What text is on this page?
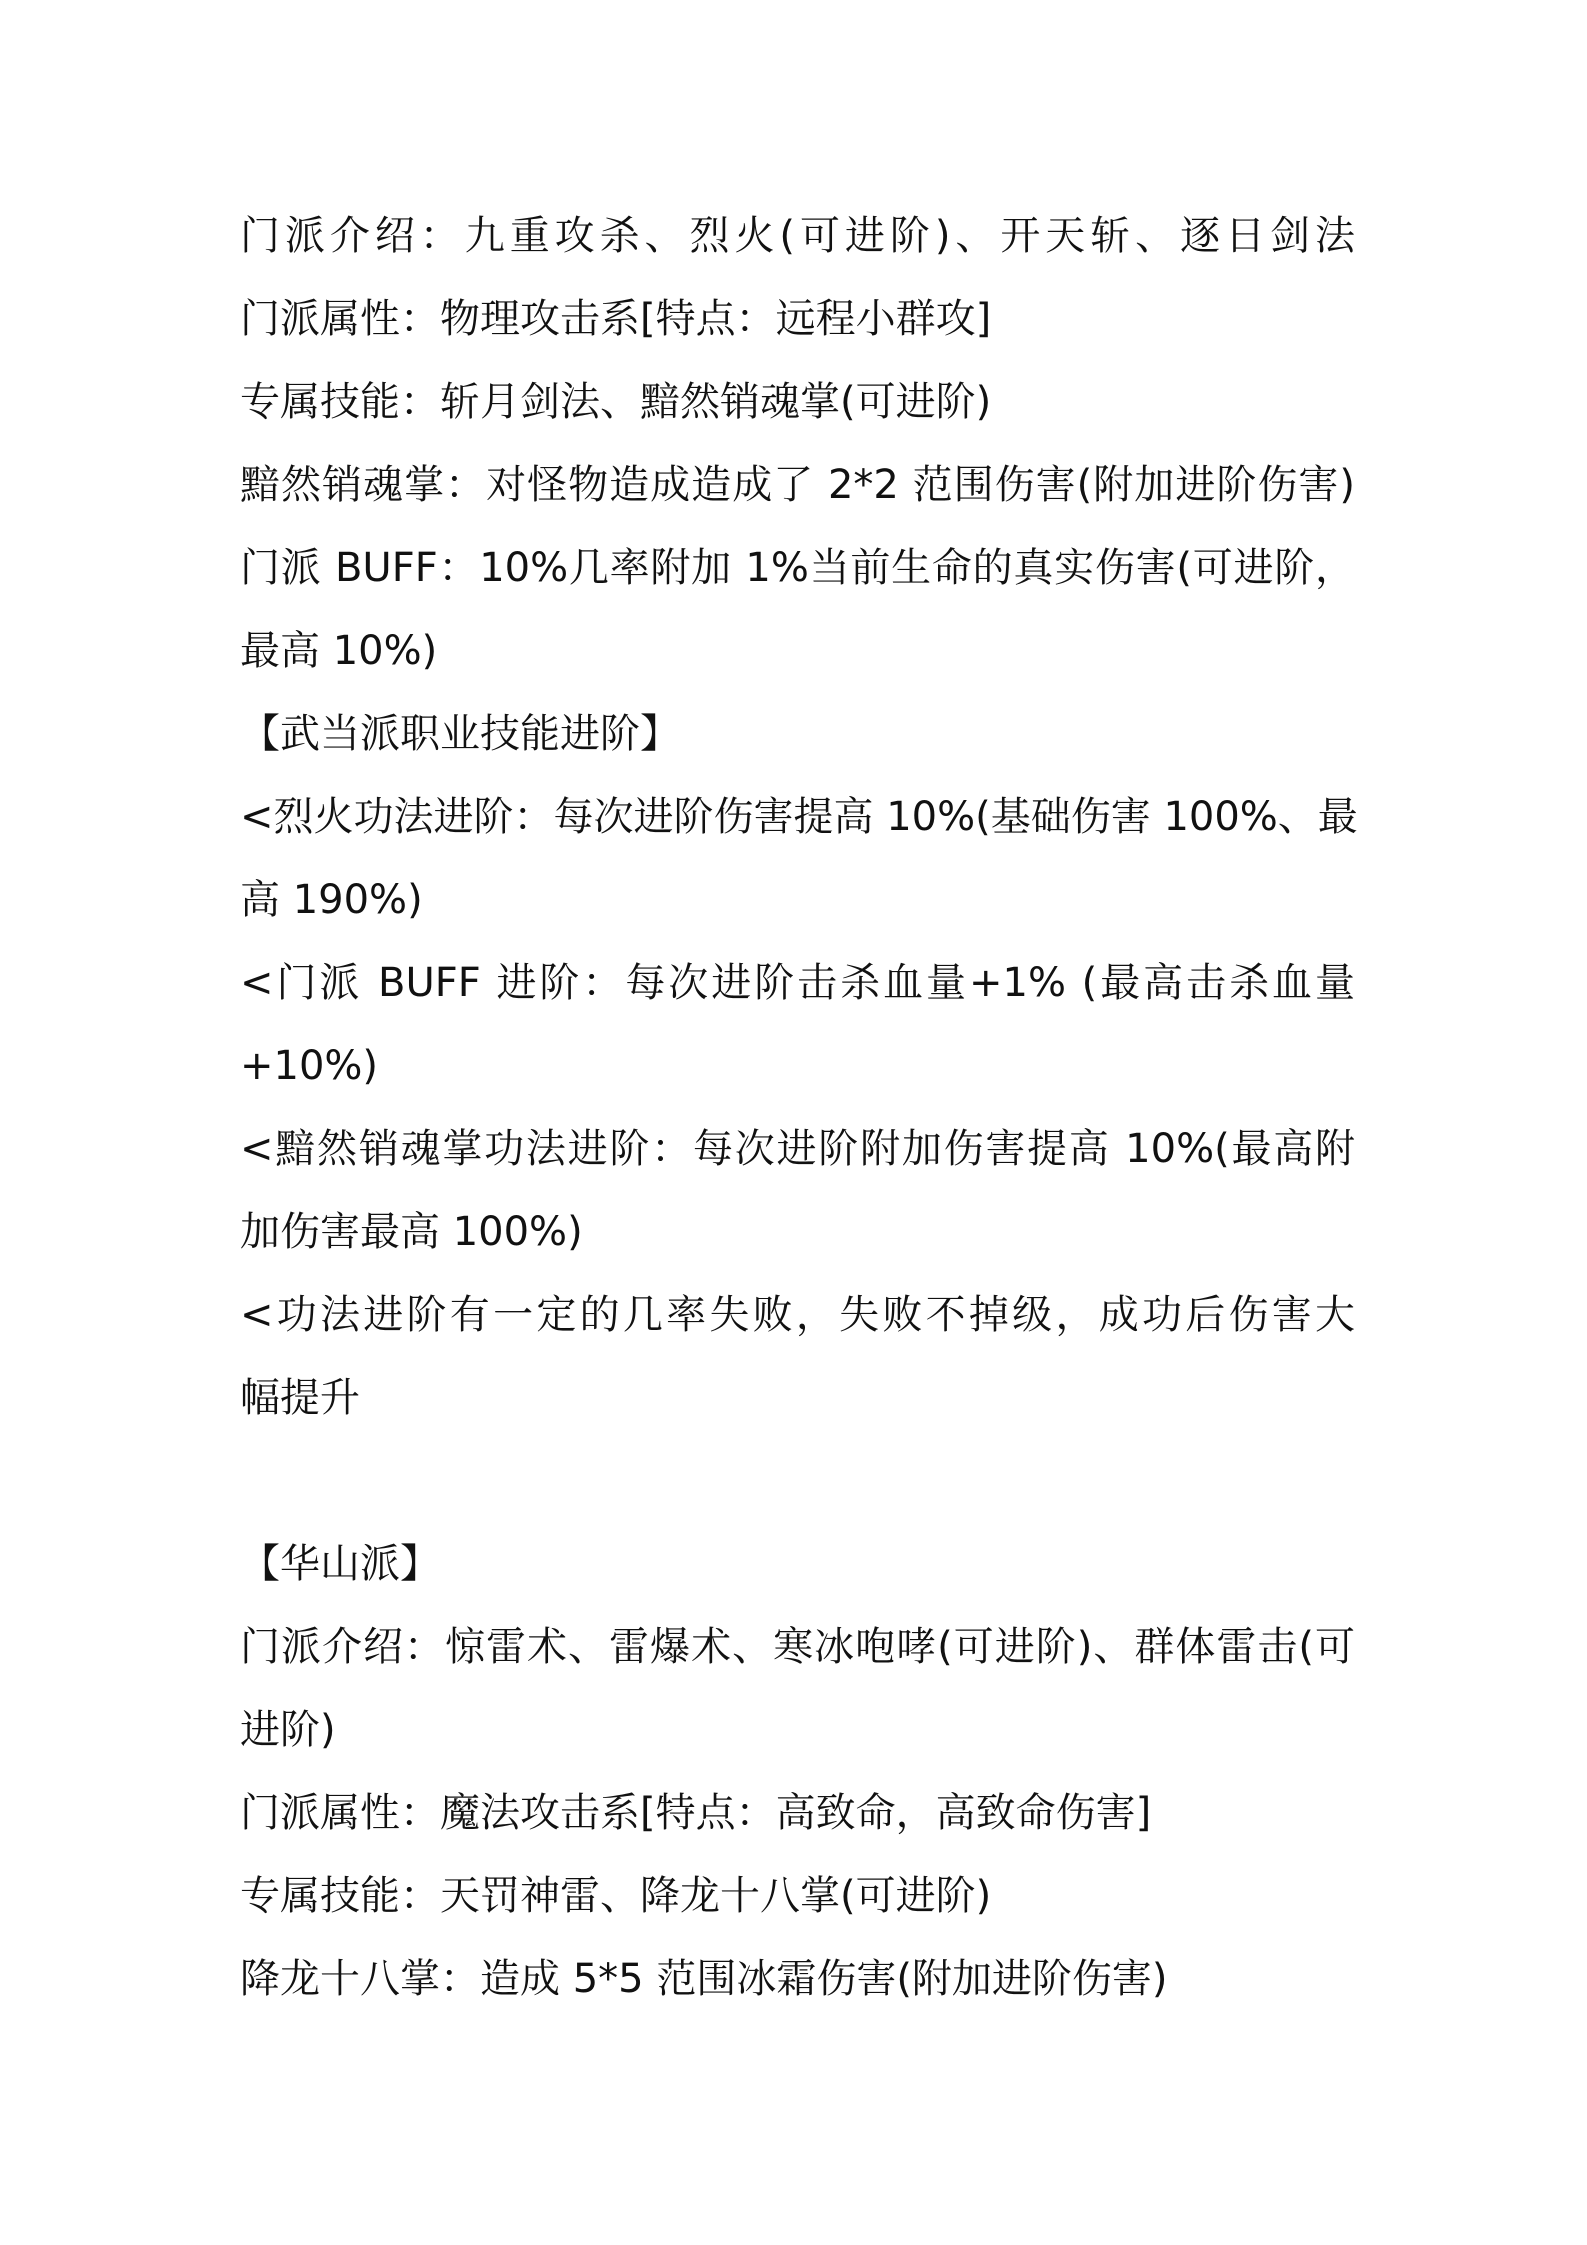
门派介绍：九重攻杀、烈火(可进阶)、开天斩、逐日剑法
门派属性：物理攻击系[特点：远程小群攻]
专属技能：斩月剑法、黯然销魂掌(可进阶)
黯然销魂掌：对怪物造成造成了 2*2 范围伤害(附加进阶伤害)
门派 BUFF：10%几率附加 1%当前生命的真实伤害(可进阶，
最高 10%)
【武当派职业技能进阶】
<烈火功法进阶：每次进阶伤害提高 10%(基础伤害 100%、最
高 190%)
<门派 BUFF 进阶：每次进阶击杀血量+1% (最高击杀血量
+10%)
<黯然销魂掌功法进阶：每次进阶附加伤害提高 10%(最高附
加伤害最高 100%)
<功法进阶有一定的几率失败，失败不掉级，成功后伤害大
幅提升
【华山派】
门派介绍：惊雷术、雷爆术、寒冰咆哮(可进阶)、群体雷击(可
进阶)
门派属性：魔法攻击系[特点：高致命，高致命伤害]
专属技能：天罚神雷、降龙十八掌(可进阶)
降龙十八掌：造成 5*5 范围冰霜伤害(附加进阶伤害)
